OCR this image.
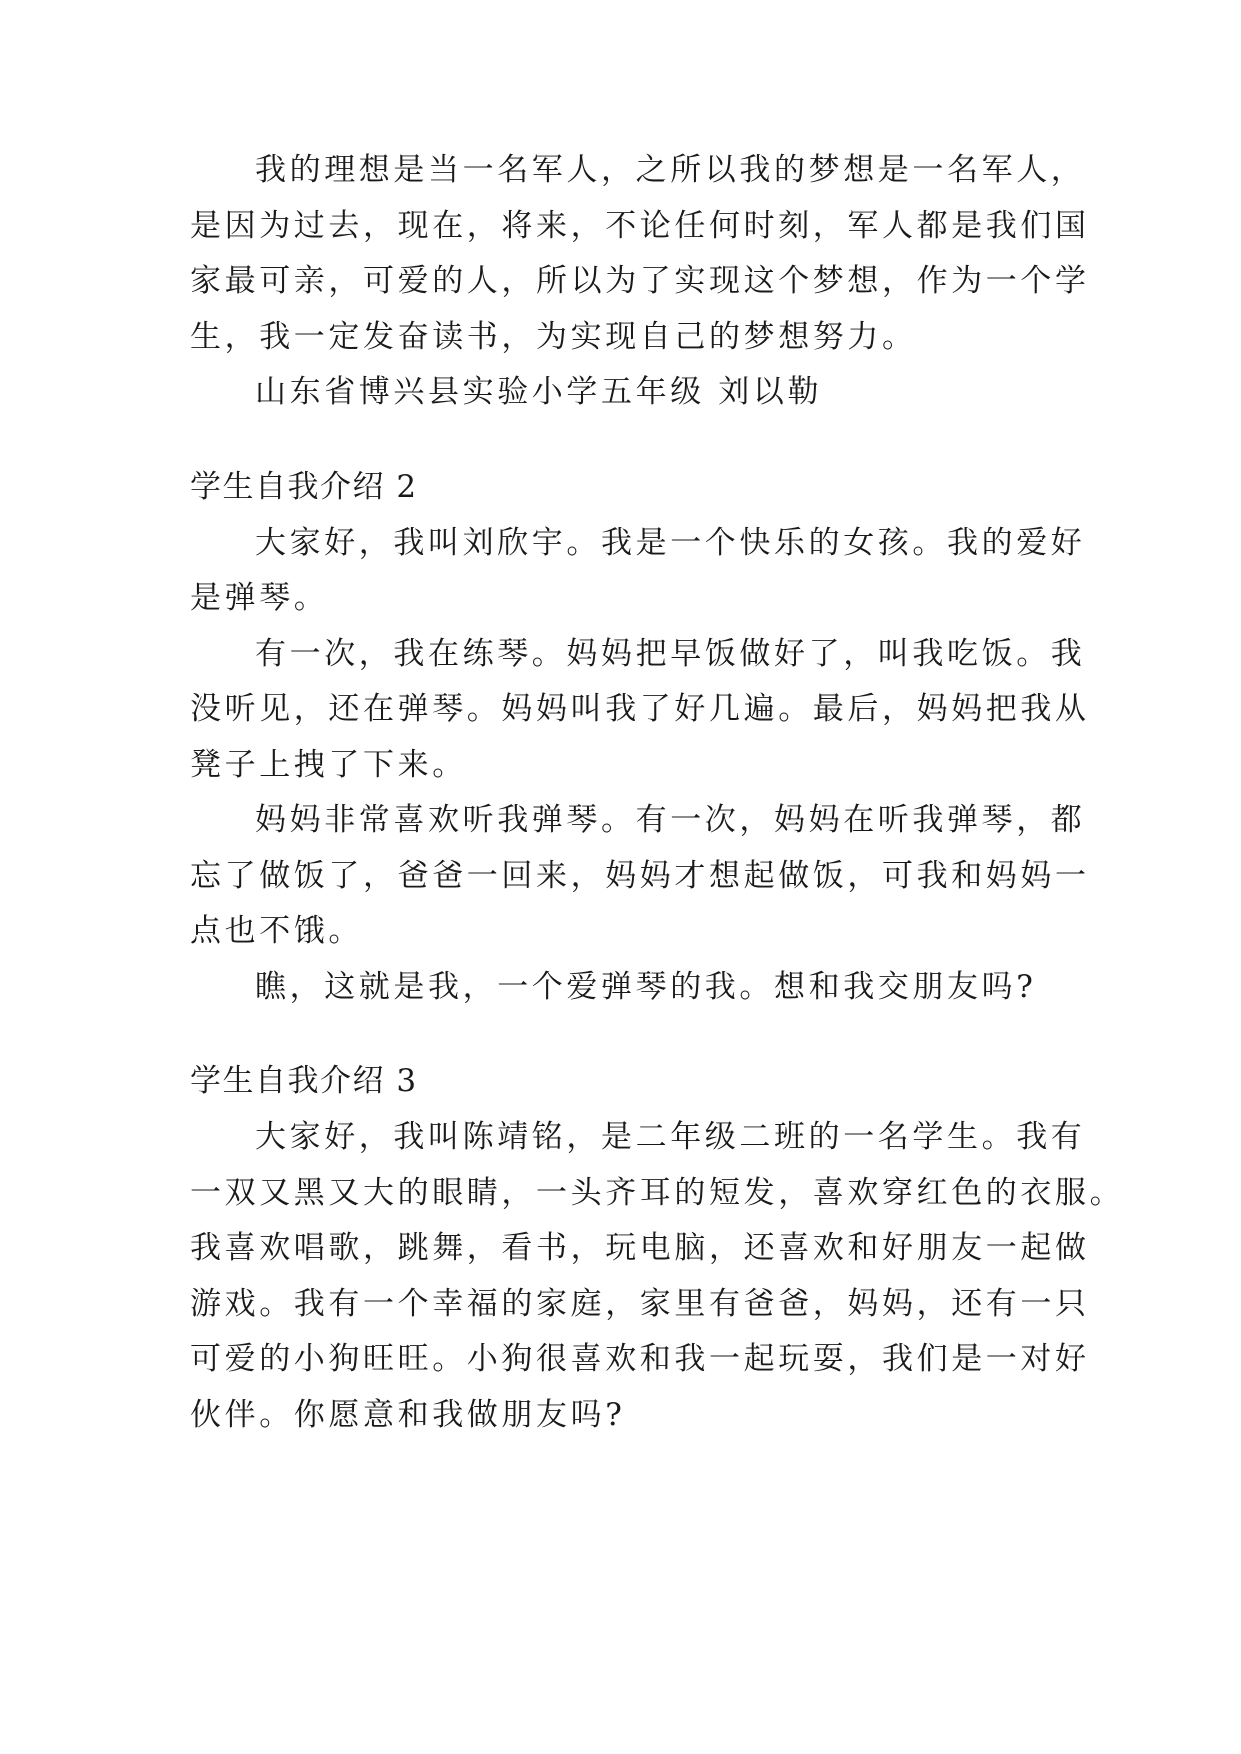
我的理想是当一名军人，之所以我的梦想是一名军人，

是因为过去，现在，将来，不论任何时刻，军人都是我们国

家最可亲，可爱的人，所以为了实现这个梦想，作为一个学

生，我一定发奋读书，为实现自己的梦想努力。

山东省博兴县实验小学五年级 刘以勒

学生自我介绍 2

大家好，我叫刘欣宇。我是一个快乐的女孩。我的爱好

是弹琴。

有一次，我在练琴。妈妈把早饭做好了，叫我吃饭。我

没听见，还在弹琴。妈妈叫我了好几遍。最后，妈妈把我从

凳子上拽了下来。

妈妈非常喜欢听我弹琴。有一次，妈妈在听我弹琴，都

忘了做饭了，爸爸一回来，妈妈才想起做饭，可我和妈妈一

点也不饿。

瞧，这就是我，一个爱弹琴的我。想和我交朋友吗?

学生自我介绍 3

大家好，我叫陈靖铭，是二年级二班的一名学生。我有

一双又黑又大的眼睛，一头齐耳的短发，喜欢穿红色的衣服。

我喜欢唱歌，跳舞，看书，玩电脑，还喜欢和好朋友一起做

游戏。我有一个幸福的家庭，家里有爸爸，妈妈，还有一只

可爱的小狗旺旺。小狗很喜欢和我一起玩耍，我们是一对好

伙伴。你愿意和我做朋友吗?
